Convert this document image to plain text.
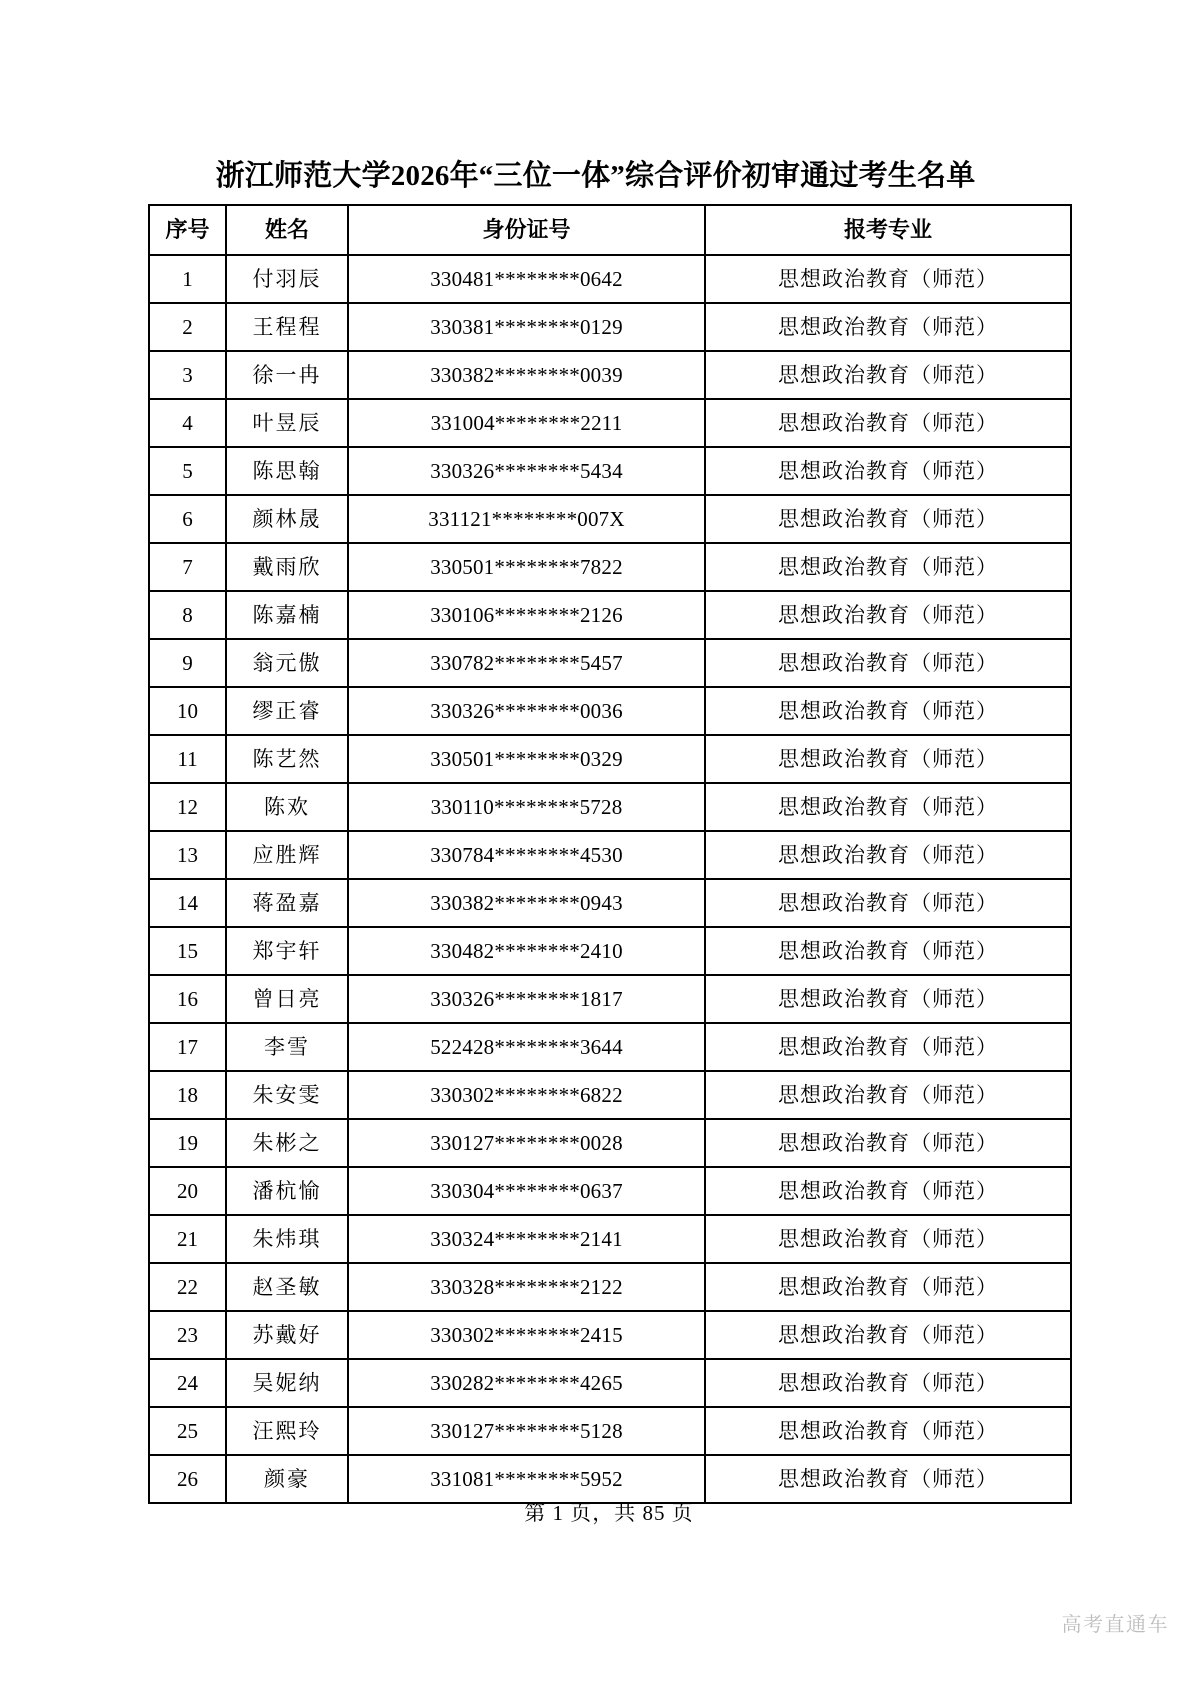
浙江师范大学2026年“三位一体”综合评价初审通过考生名单
序号	姓名	身份证号	报考专业
1	付羽辰	330481********0642	思想政治教育（师范）
2	王程程	330381********0129	思想政治教育（师范）
3	徐一冉	330382********0039	思想政治教育（师范）
4	叶昱辰	331004********2211	思想政治教育（师范）
5	陈思翰	330326********5434	思想政治教育（师范）
6	颜林晟	331121********007X	思想政治教育（师范）
7	戴雨欣	330501********7822	思想政治教育（师范）
8	陈嘉楠	330106********2126	思想政治教育（师范）
9	翁元傲	330782********5457	思想政治教育（师范）
10	缪正睿	330326********0036	思想政治教育（师范）
11	陈艺然	330501********0329	思想政治教育（师范）
12	陈欢	330110********5728	思想政治教育（师范）
13	应胜辉	330784********4530	思想政治教育（师范）
14	蒋盈嘉	330382********0943	思想政治教育（师范）
15	郑宇轩	330482********2410	思想政治教育（师范）
16	曾日亮	330326********1817	思想政治教育（师范）
17	李雪	522428********3644	思想政治教育（师范）
18	朱安雯	330302********6822	思想政治教育（师范）
19	朱彬之	330127********0028	思想政治教育（师范）
20	潘杭愉	330304********0637	思想政治教育（师范）
21	朱炜琪	330324********2141	思想政治教育（师范）
22	赵圣敏	330328********2122	思想政治教育（师范）
23	苏戴好	330302********2415	思想政治教育（师范）
24	吴妮纳	330282********4265	思想政治教育（师范）
25	汪熙玲	330127********5128	思想政治教育（师范）
26	颜豪	331081********5952	思想政治教育（师范）
第 1 页，共 85 页
高考直通车
